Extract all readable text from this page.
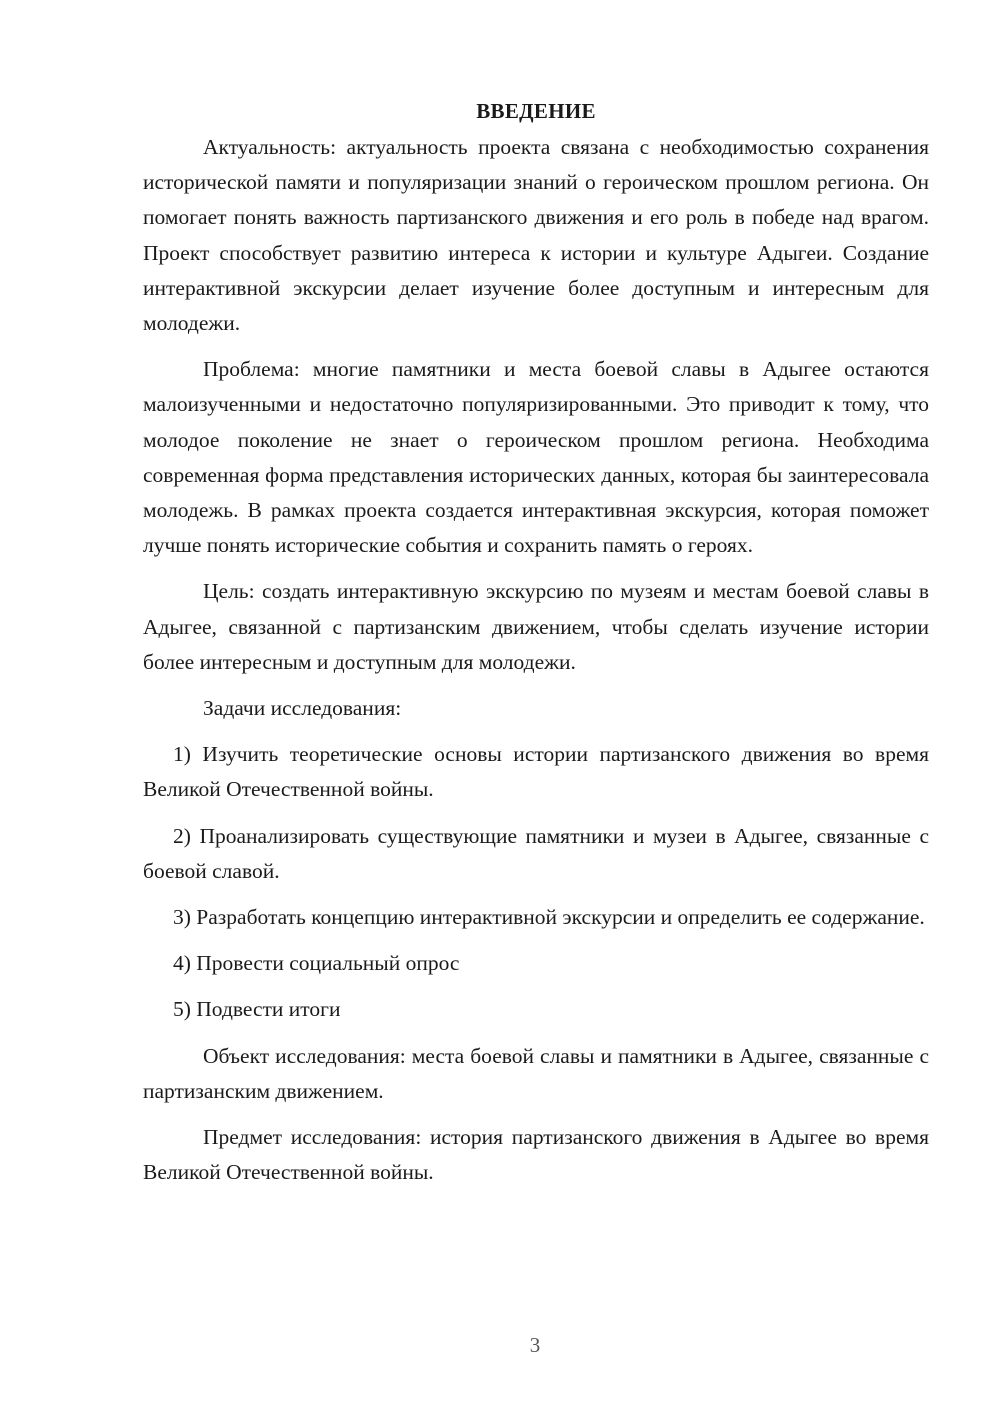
ВВЕДЕНИЕ

Актуальность: актуальность проекта связана с необходимостью сохранения исторической памяти и популяризации знаний о героическом прошлом региона. Он помогает понять важность партизанского движения и его роль в победе над врагом. Проект способствует развитию интереса к истории и культуре Адыгеи. Создание интерактивной экскурсии делает изучение более доступным и интересным для молодежи.

Проблема: многие памятники и места боевой славы в Адыгее остаются малоизученными и недостаточно популяризированными. Это приводит к тому, что молодое поколение не знает о героическом прошлом региона. Необходима современная форма представления исторических данных, которая бы заинтересовала молодежь. В рамках проекта создается интерактивная экскурсия, которая поможет лучше понять исторические события и сохранить память о героях.

Цель: создать интерактивную экскурсию по музеям и местам боевой славы в Адыгее, связанной с партизанским движением, чтобы сделать изучение истории более интересным и доступным для молодежи.

Задачи исследования:

1) Изучить теоретические основы истории партизанского движения во время Великой Отечественной войны.

2) Проанализировать существующие памятники и музеи в Адыгее, связанные с боевой славой.

3) Разработать концепцию интерактивной экскурсии и определить ее содержание.

4) Провести социальный опрос

5) Подвести итоги

Объект исследования: места боевой славы и памятники в Адыгее, связанные с партизанским движением.

Предмет исследования: история партизанского движения в Адыгее во время Великой Отечественной войны.

3
